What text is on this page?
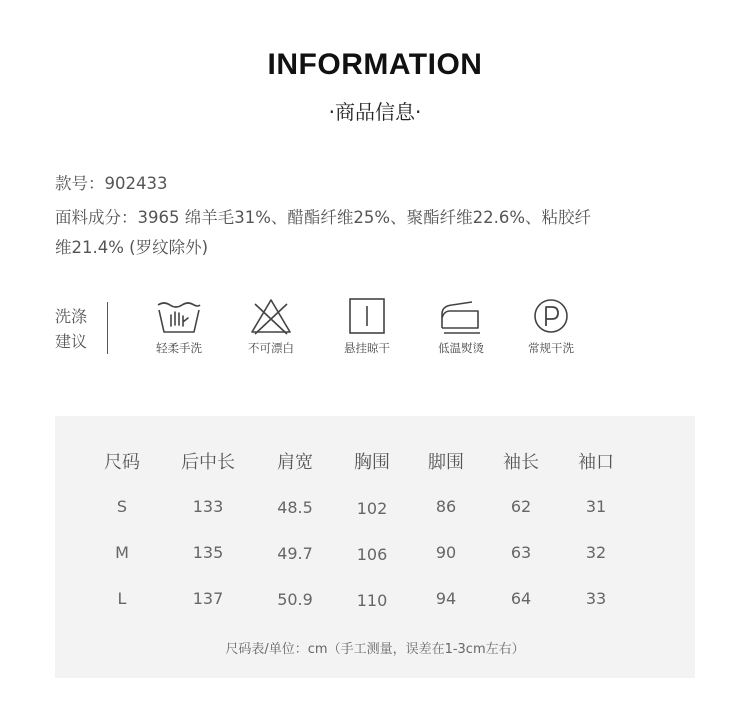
INFORMATION
·商品信息·
款号：902433
面料成分：3965 绵羊毛31%、醋酯纤维25%、聚酯纤维22.6%、粘胶纤
维21.4% (罗纹除外)
洗涤
建议	轻柔手洗	不可漂白	悬挂晾干	低温熨烫	常规干洗
尺码	后中长	肩宽	胸围	脚围	袖长	袖口
S	133	48.5	102	86	62	31
M	135	49.7	106	90	63	32
L	137	50.9	110	94	64	33
尺码表/单位：cm（手工测量，误差在1-3cm左右）
